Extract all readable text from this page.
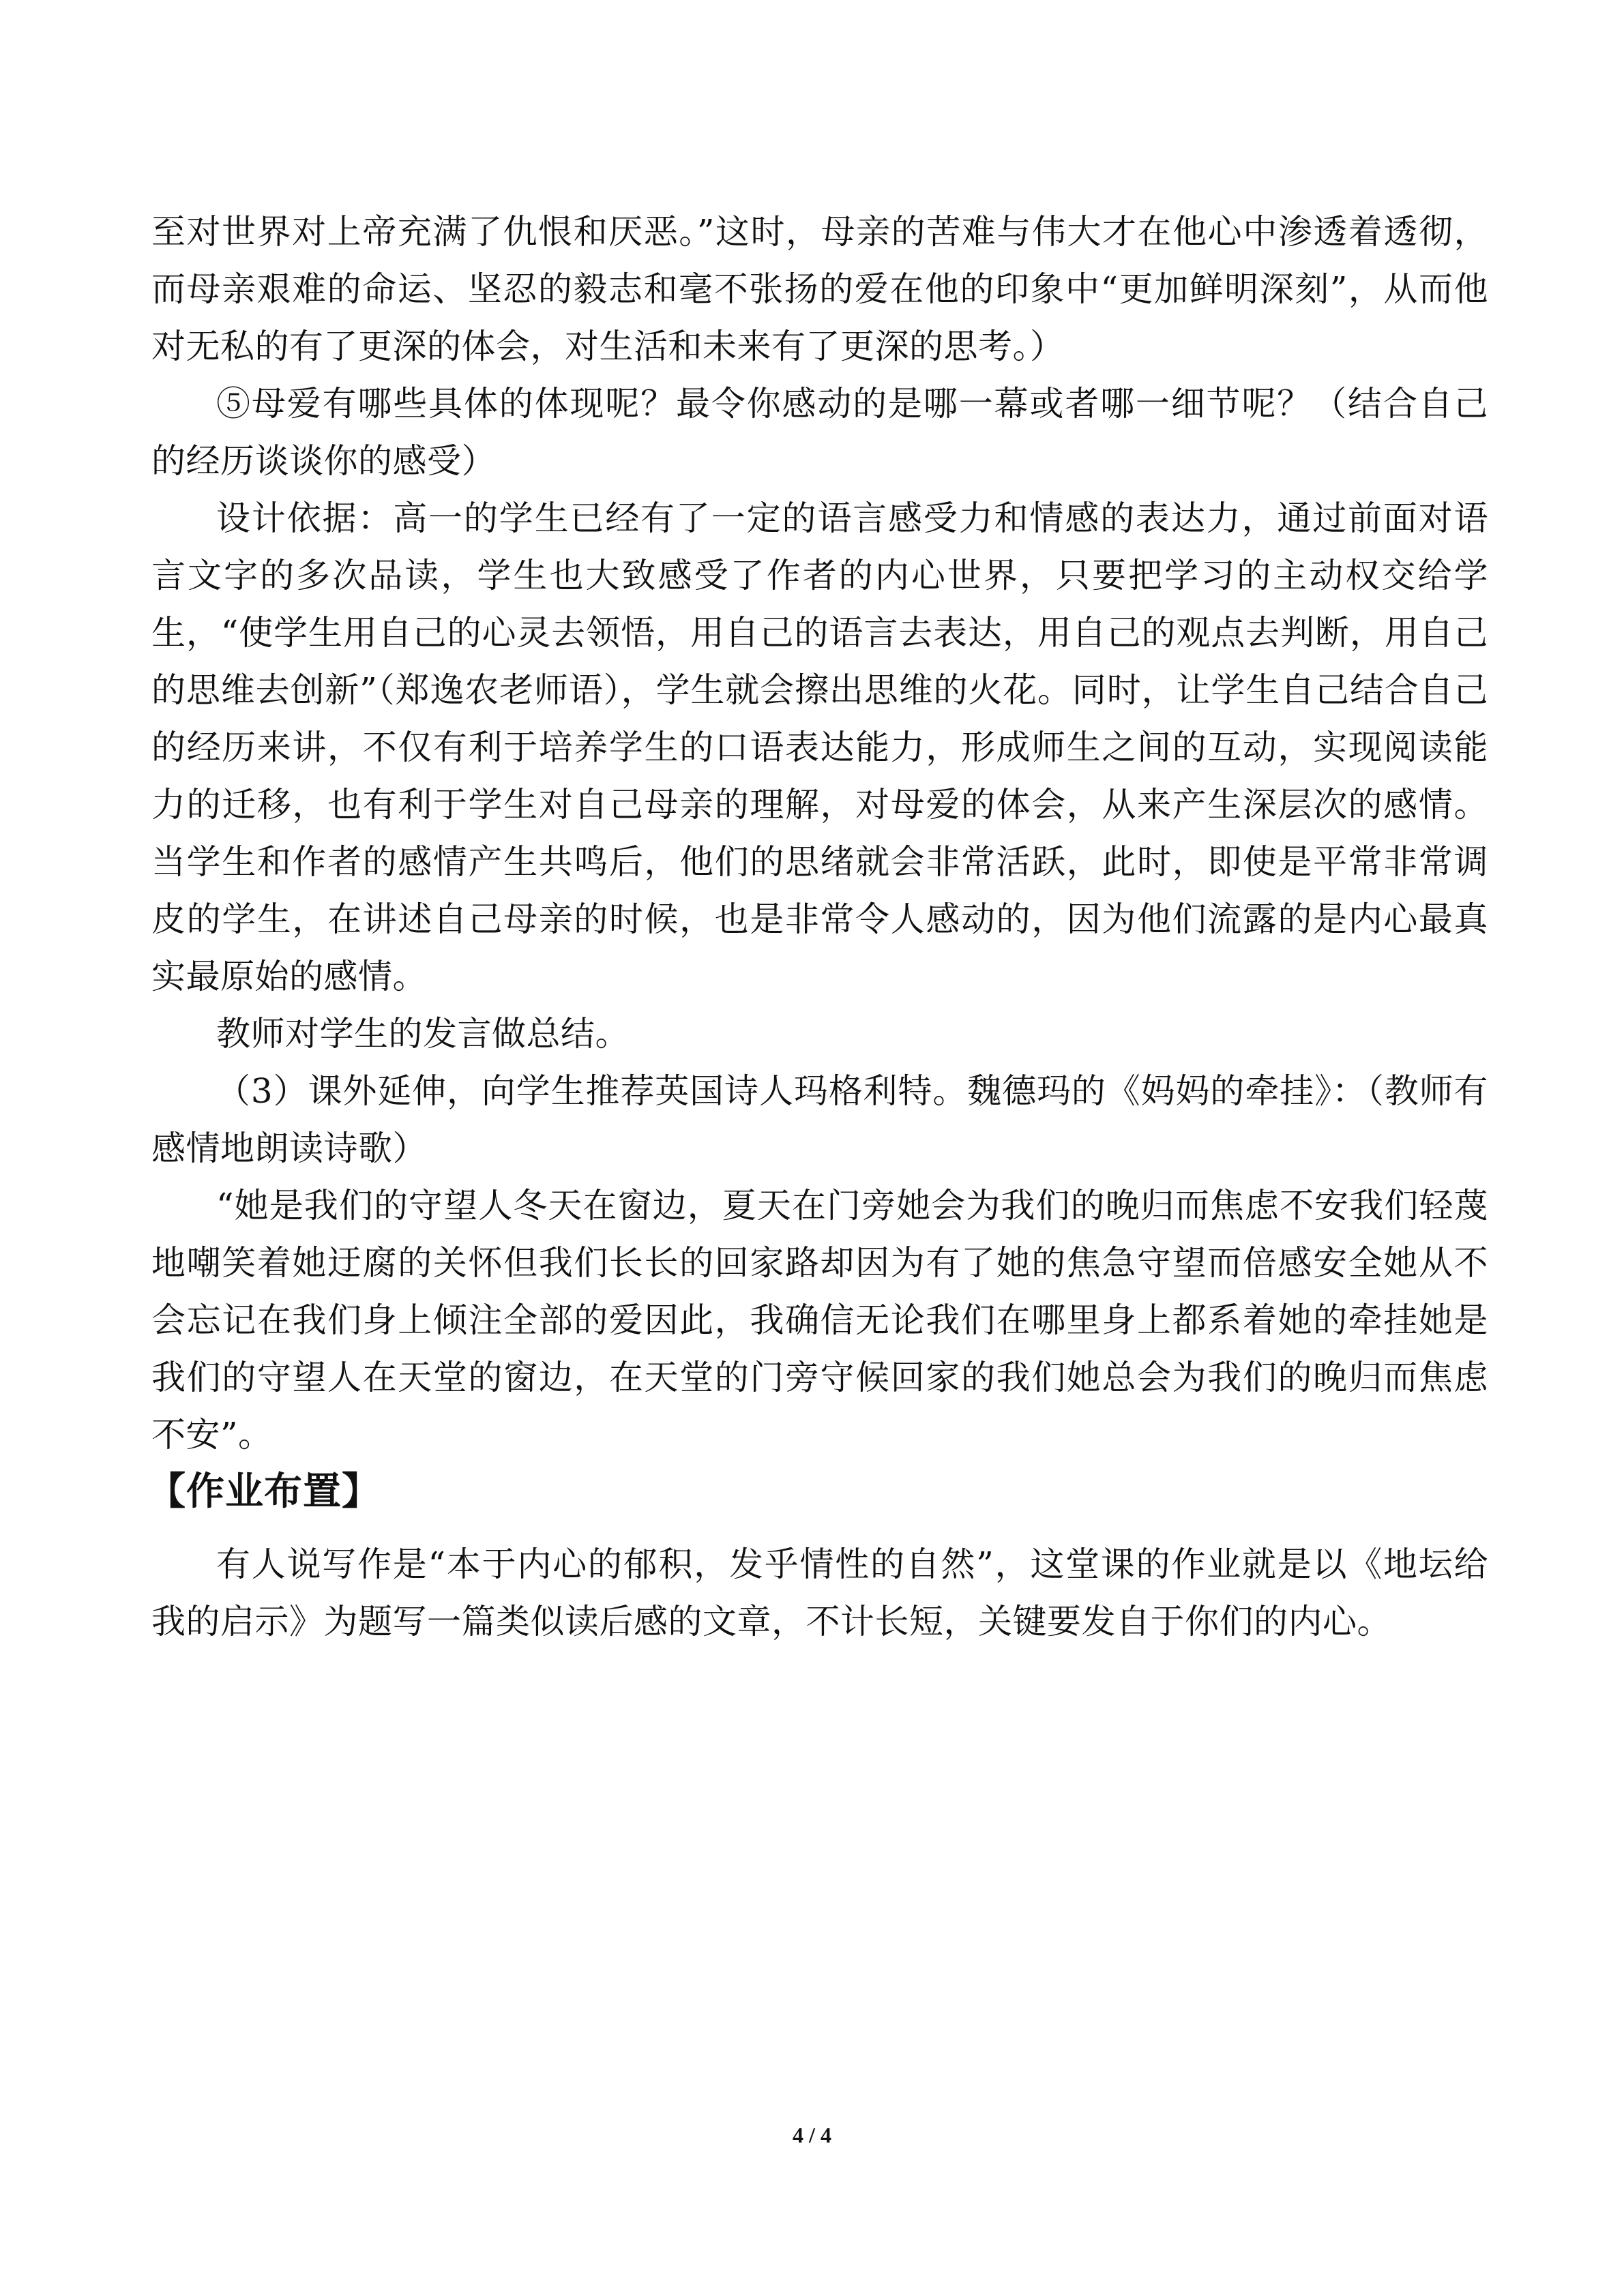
至对世界对上帝充满了仇恨和厌恶。”这时，母亲的苦难与伟大才在他心中渗透着透彻，而母亲艰难的命运、坚忍的毅志和毫不张扬的爱在他的印象中“更加鲜明深刻”，从而他对无私的有了更深的体会，对生活和未来有了更深的思考。）

⑤母爱有哪些具体的体现呢？最令你感动的是哪一幕或者哪一细节呢？（结合自己的经历谈谈你的感受）

设计依据：高一的学生已经有了一定的语言感受力和情感的表达力，通过前面对语言文字的多次品读，学生也大致感受了作者的内心世界，只要把学习的主动权交给学生，“使学生用自己的心灵去领悟，用自己的语言去表达，用自己的观点去判断，用自己的思维去创新”（郑逸农老师语），学生就会擦出思维的火花。同时，让学生自己结合自己的经历来讲，不仅有利于培养学生的口语表达能力，形成师生之间的互动，实现阅读能力的迁移，也有利于学生对自己母亲的理解，对母爱的体会，从来产生深层次的感情。当学生和作者的感情产生共鸣后，他们的思绪就会非常活跃，此时，即使是平常非常调皮的学生，在讲述自己母亲的时候，也是非常令人感动的，因为他们流露的是内心最真实最原始的感情。

教师对学生的发言做总结。

（3）课外延伸，向学生推荐英国诗人玛格利特。魏德玛的《妈妈的牵挂》：（教师有感情地朗读诗歌）

“她是我们的守望人冬天在窗边，夏天在门旁她会为我们的晚归而焦虑不安我们轻蔑地嘲笑着她迂腐的关怀但我们长长的回家路却因为有了她的焦急守望而倍感安全她从不会忘记在我们身上倾注全部的爱因此，我确信无论我们在哪里身上都系着她的牵挂她是我们的守望人在天堂的窗边，在天堂的门旁守候回家的我们她总会为我们的晚归而焦虑不安”。

【作业布置】

有人说写作是“本于内心的郁积，发乎情性的自然”，这堂课的作业就是以《地坛给我的启示》为题写一篇类似读后感的文章，不计长短，关键要发自于你们的内心。

4 / 4
